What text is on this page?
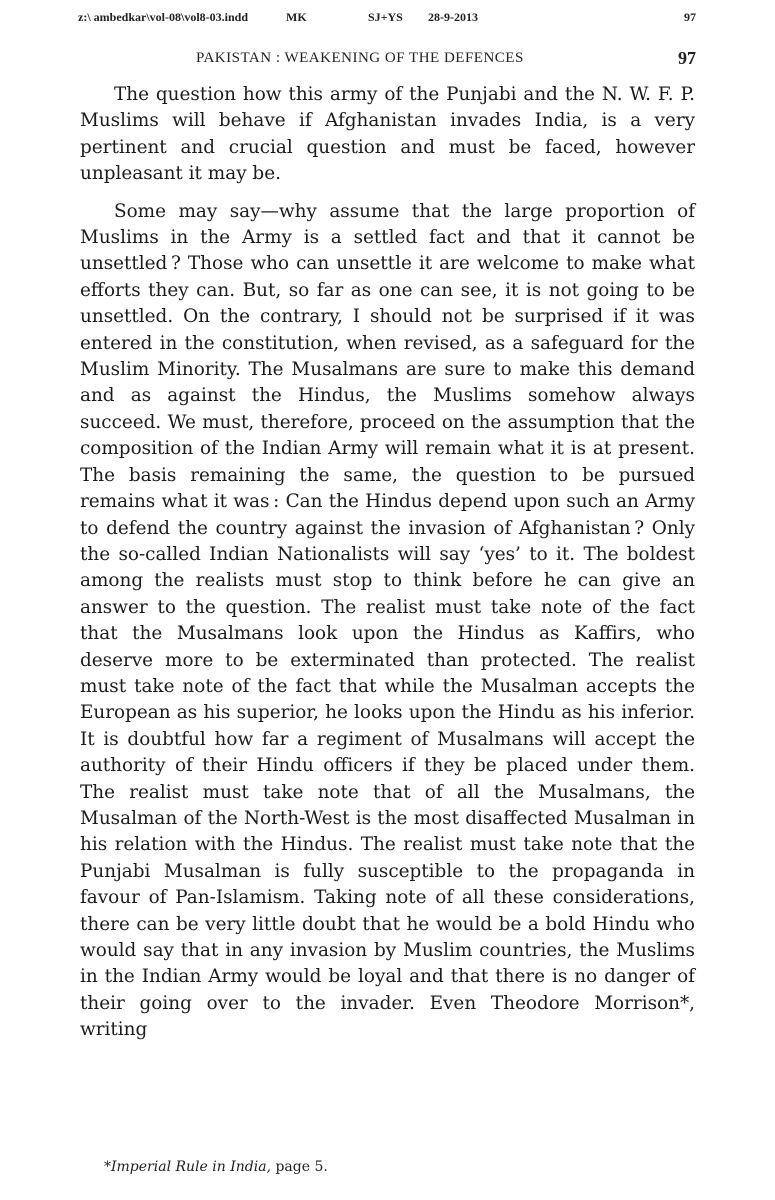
z:\ ambedkar\vol-08\vol8-03.indd	MK	SJ+YS 28-9-2013	97
PAKISTAN : WEAKENING OF THE DEFENCES	97

The question how this army of the Punjabi and the N. W. F. P. Muslims will behave if Afghanistan invades India, is a very pertinent and crucial question and must be faced, however unpleasant it may be.

Some may say—why assume that the large proportion of Muslims in the Army is a settled fact and that it cannot be unsettled ? Those who can unsettle it are welcome to make what efforts they can. But, so far as one can see, it is not going to be unsettled. On the contrary, I should not be surprised if it was entered in the constitution, when revised, as a safeguard for the Muslim Minority. The Musalmans are sure to make this demand and as against the Hindus, the Muslims somehow always succeed. We must, therefore, proceed on the assumption that the composition of the Indian Army will remain what it is at present. The basis remaining the same, the question to be pursued remains what it was : Can the Hindus depend upon such an Army to defend the country against the invasion of Afghanistan ? Only the so-called Indian Nationalists will say ‘yes’ to it. The boldest among the realists must stop to think before he can give an answer to the question. The realist must take note of the fact that the Musalmans look upon the Hindus as Kaffirs, who deserve more to be exterminated than protected. The realist must take note of the fact that while the Musalman accepts the European as his superior, he looks upon the Hindu as his inferior. It is doubtful how far a regiment of Musalmans will accept the authority of their Hindu officers if they be placed under them. The realist must take note that of all the Musalmans, the Musalman of the North-West is the most disaffected Musalman in his relation with the Hindus. The realist must take note that the Punjabi Musalman is fully susceptible to the propaganda in favour of Pan-Islamism. Taking note of all these considerations, there can be very little doubt that he would be a bold Hindu who would say that in any invasion by Muslim countries, the Muslims in the Indian Army would be loyal and that there is no danger of their going over to the invader. Even Theodore Morrison*, writing

*Imperial Rule in India, page 5.
